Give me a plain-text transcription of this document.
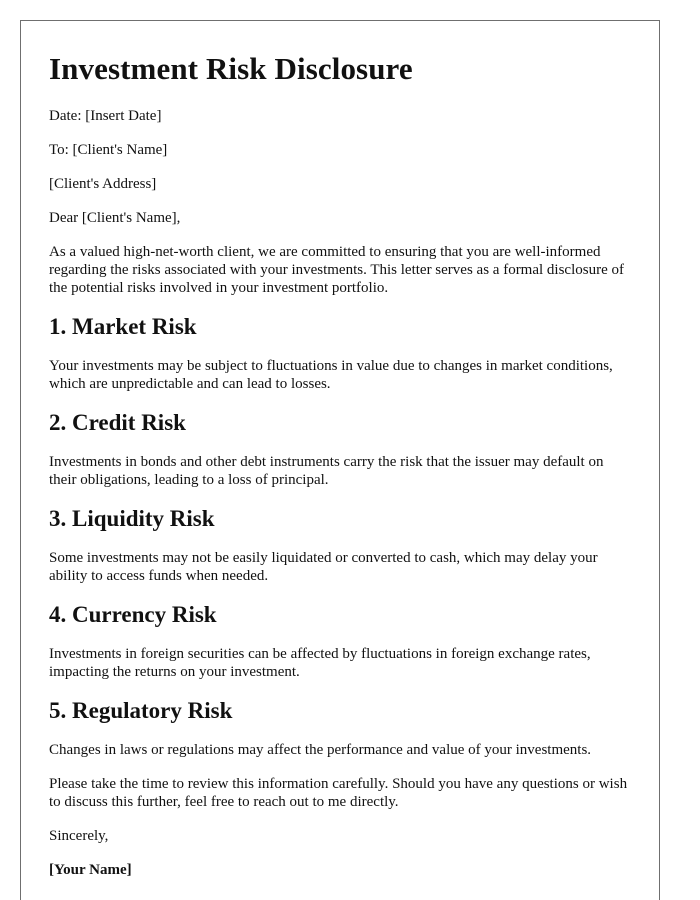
Investment Risk Disclosure

Date: [Insert Date]

To: [Client's Name]

[Client's Address]

Dear [Client's Name],

As a valued high-net-worth client, we are committed to ensuring that you are well-informed regarding the risks associated with your investments. This letter serves as a formal disclosure of the potential risks involved in your investment portfolio.

1. Market Risk

Your investments may be subject to fluctuations in value due to changes in market conditions, which are unpredictable and can lead to losses.

2. Credit Risk

Investments in bonds and other debt instruments carry the risk that the issuer may default on their obligations, leading to a loss of principal.

3. Liquidity Risk

Some investments may not be easily liquidated or converted to cash, which may delay your ability to access funds when needed.

4. Currency Risk

Investments in foreign securities can be affected by fluctuations in foreign exchange rates, impacting the returns on your investment.

5. Regulatory Risk

Changes in laws or regulations may affect the performance and value of your investments.

Please take the time to review this information carefully. Should you have any questions or wish to discuss this further, feel free to reach out to me directly.

Sincerely,

[Your Name]
